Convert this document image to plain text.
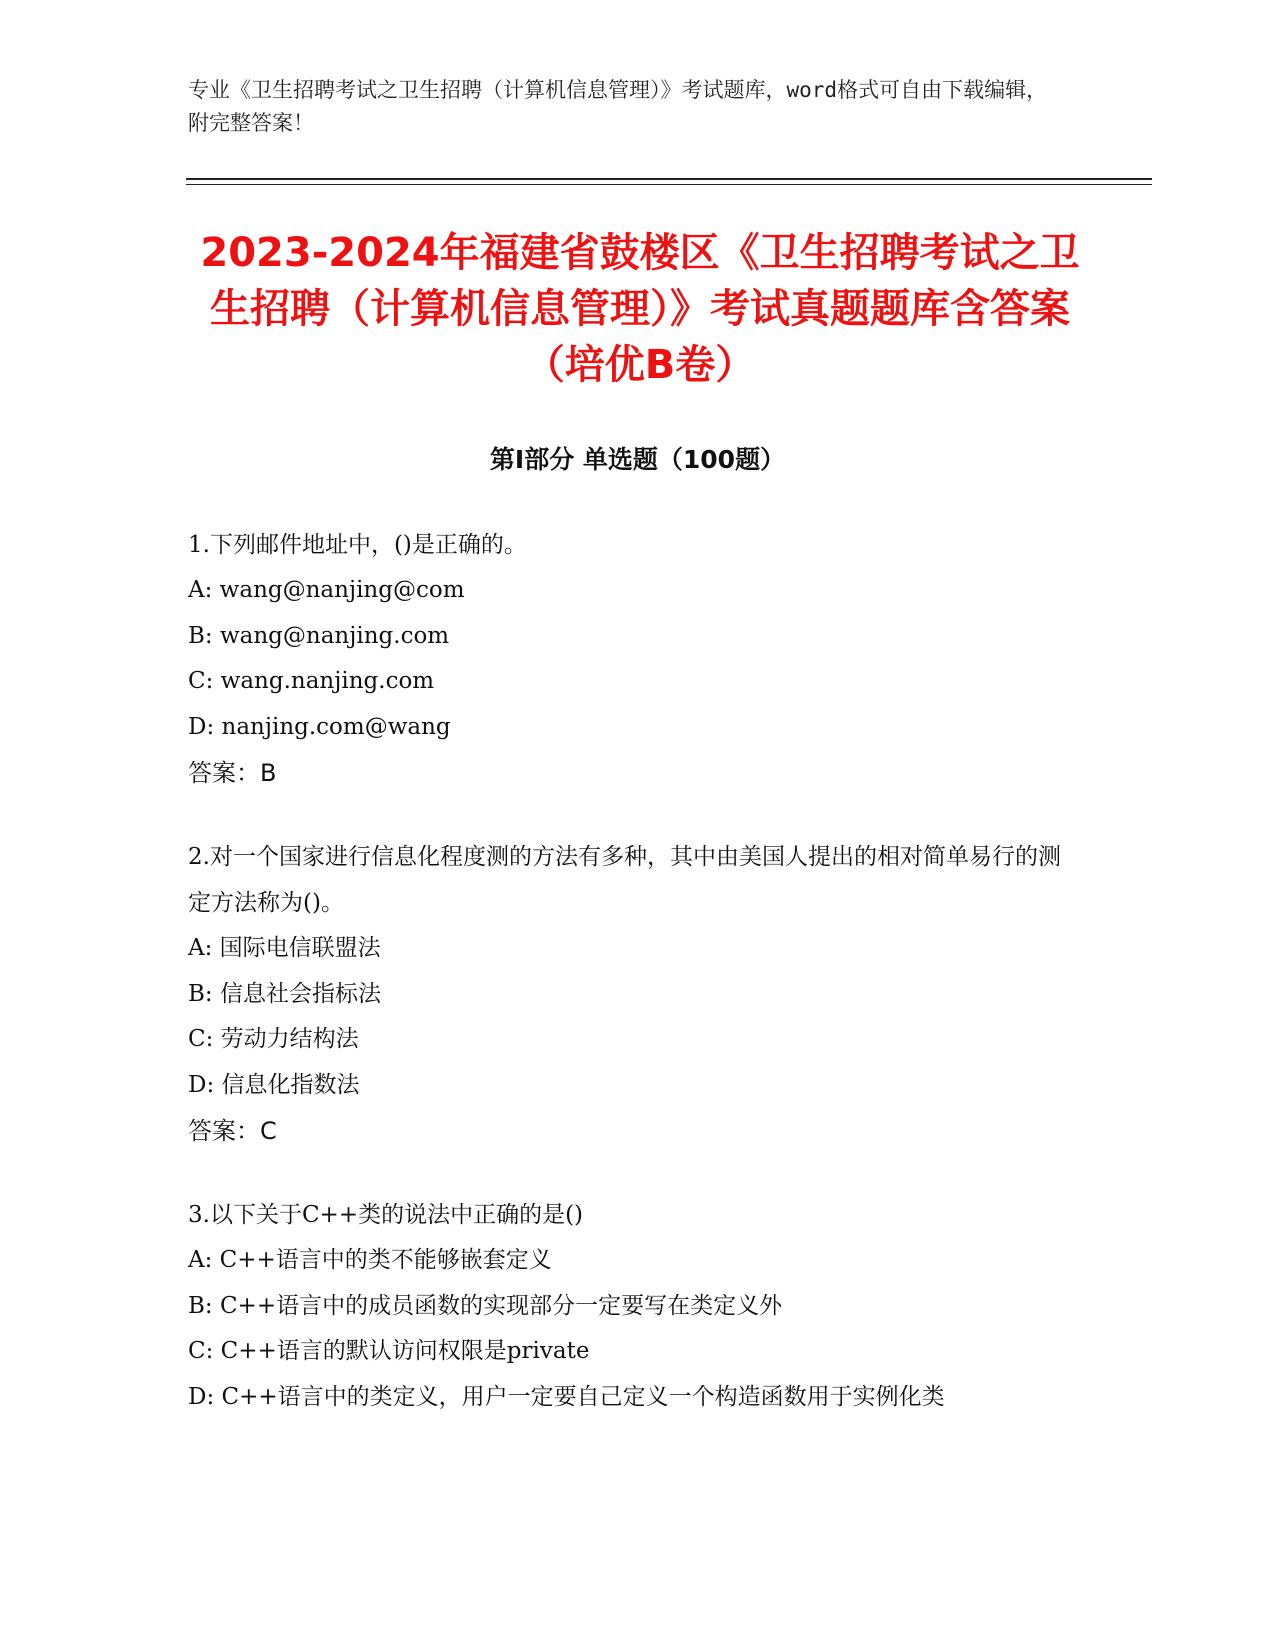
专业《卫生招聘考试之卫生招聘（计算机信息管理）》考试题库，word格式可自由下载编辑，附完整答案！
2023-2024年福建省鼓楼区《卫生招聘考试之卫生招聘（计算机信息管理）》考试真题题库含答案（培优B卷）
第Ⅰ部分 单选题（100题）
1.下列邮件地址中，()是正确的。
A: wang@nanjing@com
B: wang@nanjing.com
C: wang.nanjing.com
D: nanjing.com@wang
答案：B
2.对一个国家进行信息化程度测的方法有多种，其中由美国人提出的相对简单易行的测定方法称为()。
A: 国际电信联盟法
B: 信息社会指标法
C: 劳动力结构法
D: 信息化指数法
答案：C
3.以下关于C++类的说法中正确的是()
A: C++语言中的类不能够嵌套定义
B: C++语言中的成员函数的实现部分一定要写在类定义外
C: C++语言的默认访问权限是private
D: C++语言中的类定义，用户一定要自己定义一个构造函数用于实例化类
